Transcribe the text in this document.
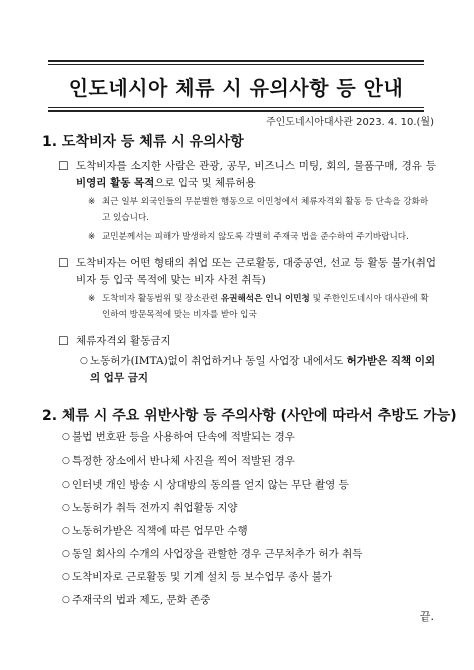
인도네시아 체류 시 유의사항 등 안내
주인도네시아대사관 2023. 4. 10.(월)
1. 도착비자 등 체류 시 유의사항
☐ 도착비자를 소지한 사람은 관광, 공무, 비즈니스 미팅, 회의, 물품구매, 경유 등 비영리 활동 목적으로 입국 및 체류허용
※ 최근 일부 외국인들의 무분별한 행동으로 이민청에서 체류자격외 활동 등 단속을 강화하고 있습니다.
※ 교민분께서는 피해가 발생하지 않도록 각별히 주재국 법을 준수하여 주기바랍니다.
☐ 도착비자는 어떤 형태의 취업 또는 근로활동, 대중공연, 선교 등 활동 불가(취업비자 등 입국 목적에 맞는 비자 사전 취득)
※ 도착비자 활동범위 및 장소관련 유권해석은 인니 이민청 및 주한인도네시아 대사관에 확인하여 방문목적에 맞는 비자를 받아 입국
☐ 체류자격외 활동금지
○ 노동허가(IMTA)없이 취업하거나 동일 사업장 내에서도 허가받은 직책 이외의 업무 금지
2. 체류 시 주요 위반사항 등 주의사항 (사안에 따라서 추방도 가능)
○ 불법 번호판 등을 사용하여 단속에 적발되는 경우
○ 특정한 장소에서 반나체 사진을 찍어 적발된 경우
○ 인터넷 개인 방송 시 상대방의 동의를 얻지 않는 무단 촬영 등
○ 노동허가 취득 전까지 취업활동 지양
○ 노동허가받은 직책에 따른 업무만 수행
○ 동일 회사의 수개의 사업장을 관할한 경우 근무처추가 허가 취득
○ 도착비자로 근로활동 및 기계 설치 등 보수업무 종사 불가
○ 주재국의 법과 제도, 문화 존중
끝.
